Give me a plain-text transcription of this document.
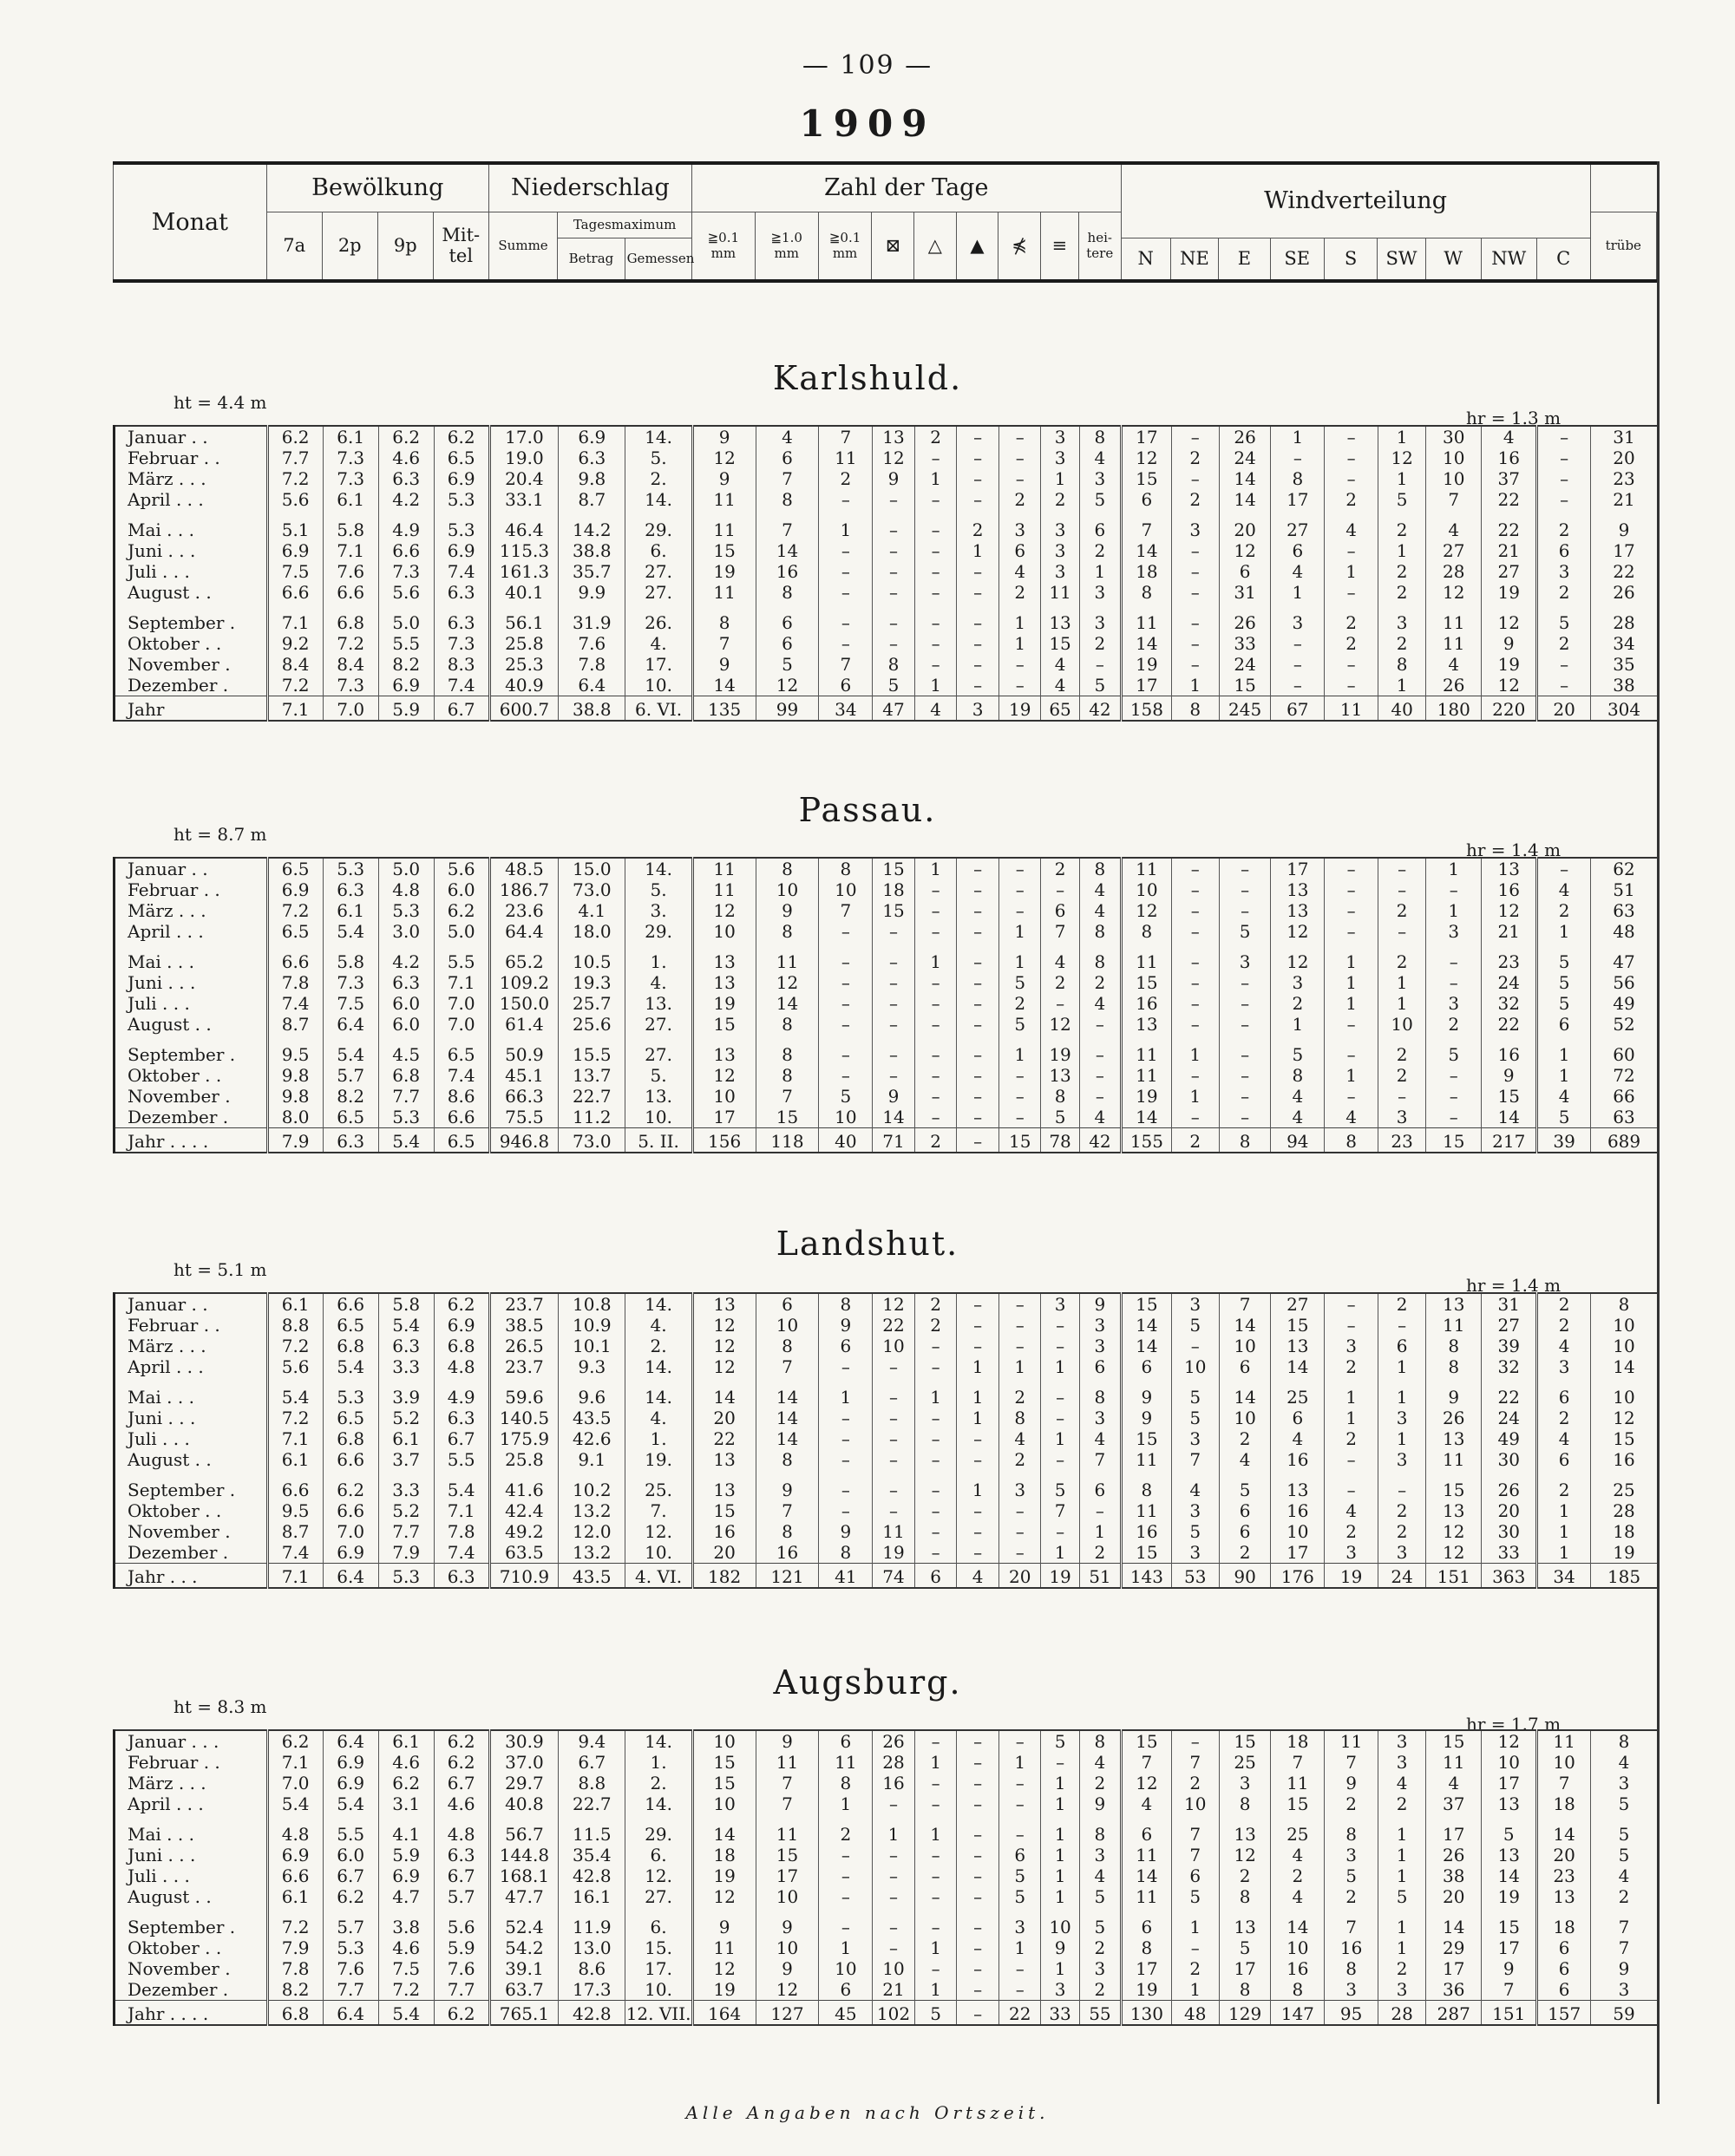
— 109 —
1909
Monat	Bewölkung				Niederschlag			Zahl der Tage									Windverteilung									
	7a	2p	9p	Mit-tel	Summe	Tagesmaximum		≧0.1 mm	≧1.0 mm	≧0.1 mm	⊠	△	▲	⋠	≡	hei-tere										trübe
						Betrag	Gemessen										N	NE	E	SE	S	SW	W	NW	C	
Karlshuld.
ht = 4.4 m
hr = 1.3 m
Januar . .	6.2	6.1	6.2	6.2	17.0	6.9	14.	9	4	7	13	2	–	–	3	8	17	–	26	1	–	1	30	4	–	31
Februar . .	7.7	7.3	4.6	6.5	19.0	6.3	5.	12	6	11	12	–	–	–	3	4	12	2	24	–	–	12	10	16	–	20
März . . .	7.2	7.3	6.3	6.9	20.4	9.8	2.	9	7	2	9	1	–	–	1	3	15	–	14	8	–	1	10	37	–	23
April . . .	5.6	6.1	4.2	5.3	33.1	8.7	14.	11	8	–	–	–	–	2	2	5	6	2	14	17	2	5	7	22	–	21
Mai . . .	5.1	5.8	4.9	5.3	46.4	14.2	29.	11	7	1	–	–	2	3	3	6	7	3	20	27	4	2	4	22	2	9
Juni . . .	6.9	7.1	6.6	6.9	115.3	38.8	6.	15	14	–	–	–	1	6	3	2	14	–	12	6	–	1	27	21	6	17
Juli . . .	7.5	7.6	7.3	7.4	161.3	35.7	27.	19	16	–	–	–	–	4	3	1	18	–	6	4	1	2	28	27	3	22
August . .	6.6	6.6	5.6	6.3	40.1	9.9	27.	11	8	–	–	–	–	2	11	3	8	–	31	1	–	2	12	19	2	26
September .	7.1	6.8	5.0	6.3	56.1	31.9	26.	8	6	–	–	–	–	1	13	3	11	–	26	3	2	3	11	12	5	28
Oktober . .	9.2	7.2	5.5	7.3	25.8	7.6	4.	7	6	–	–	–	–	1	15	2	14	–	33	–	2	2	11	9	2	34
November .	8.4	8.4	8.2	8.3	25.3	7.8	17.	9	5	7	8	–	–	–	4	–	19	–	24	–	–	8	4	19	–	35
Dezember .	7.2	7.3	6.9	7.4	40.9	6.4	10.	14	12	6	5	1	–	–	4	5	17	1	15	–	–	1	26	12	–	38
Jahr	7.1	7.0	5.9	6.7	600.7	38.8	6. VI.	135	99	34	47	4	3	19	65	42	158	8	245	67	11	40	180	220	20	304
Passau.
ht = 8.7 m
hr = 1.4 m
Januar . .	6.5	5.3	5.0	5.6	48.5	15.0	14.	11	8	8	15	1	–	–	2	8	11	–	–	17	–	–	1	13	–	62
Februar . .	6.9	6.3	4.8	6.0	186.7	73.0	5.	11	10	10	18	–	–	–	–	4	10	–	–	13	–	–	–	16	4	51
März . . .	7.2	6.1	5.3	6.2	23.6	4.1	3.	12	9	7	15	–	–	–	6	4	12	–	–	13	–	2	1	12	2	63
April . . .	6.5	5.4	3.0	5.0	64.4	18.0	29.	10	8	–	–	–	–	1	7	8	8	–	5	12	–	–	3	21	1	48
Mai . . .	6.6	5.8	4.2	5.5	65.2	10.5	1.	13	11	–	–	1	–	1	4	8	11	–	3	12	1	2	–	23	5	47
Juni . . .	7.8	7.3	6.3	7.1	109.2	19.3	4.	13	12	–	–	–	–	5	2	2	15	–	–	3	1	1	–	24	5	56
Juli . . .	7.4	7.5	6.0	7.0	150.0	25.7	13.	19	14	–	–	–	–	2	–	4	16	–	–	2	1	1	3	32	5	49
August . .	8.7	6.4	6.0	7.0	61.4	25.6	27.	15	8	–	–	–	–	5	12	–	13	–	–	1	–	10	2	22	6	52
September .	9.5	5.4	4.5	6.5	50.9	15.5	27.	13	8	–	–	–	–	1	19	–	11	1	–	5	–	2	5	16	1	60
Oktober . .	9.8	5.7	6.8	7.4	45.1	13.7	5.	12	8	–	–	–	–	–	13	–	11	–	–	8	1	2	–	9	1	72
November .	9.8	8.2	7.7	8.6	66.3	22.7	13.	10	7	5	9	–	–	–	8	–	19	1	–	4	–	–	–	15	4	66
Dezember .	8.0	6.5	5.3	6.6	75.5	11.2	10.	17	15	10	14	–	–	–	5	4	14	–	–	4	4	3	–	14	5	63
Jahr . . . .	7.9	6.3	5.4	6.5	946.8	73.0	5. II.	156	118	40	71	2	–	15	78	42	155	2	8	94	8	23	15	217	39	689
Landshut.
ht = 5.1 m
hr = 1.4 m
Januar . .	6.1	6.6	5.8	6.2	23.7	10.8	14.	13	6	8	12	2	–	–	3	9	15	3	7	27	–	2	13	31	2	8
Februar . .	8.8	6.5	5.4	6.9	38.5	10.9	4.	12	10	9	22	2	–	–	–	3	14	5	14	15	–	–	11	27	2	10
März . . .	7.2	6.8	6.3	6.8	26.5	10.1	2.	12	8	6	10	–	–	–	–	3	14	–	10	13	3	6	8	39	4	10
April . . .	5.6	5.4	3.3	4.8	23.7	9.3	14.	12	7	–	–	–	1	1	1	6	6	10	6	14	2	1	8	32	3	14
Mai . . .	5.4	5.3	3.9	4.9	59.6	9.6	14.	14	14	1	–	1	1	2	–	8	9	5	14	25	1	1	9	22	6	10
Juni . . .	7.2	6.5	5.2	6.3	140.5	43.5	4.	20	14	–	–	–	1	8	–	3	9	5	10	6	1	3	26	24	2	12
Juli . . .	7.1	6.8	6.1	6.7	175.9	42.6	1.	22	14	–	–	–	–	4	1	4	15	3	2	4	2	1	13	49	4	15
August . .	6.1	6.6	3.7	5.5	25.8	9.1	19.	13	8	–	–	–	–	2	–	7	11	7	4	16	–	3	11	30	6	16
September .	6.6	6.2	3.3	5.4	41.6	10.2	25.	13	9	–	–	–	1	3	5	6	8	4	5	13	–	–	15	26	2	25
Oktober . .	9.5	6.6	5.2	7.1	42.4	13.2	7.	15	7	–	–	–	–	–	7	–	11	3	6	16	4	2	13	20	1	28
November .	8.7	7.0	7.7	7.8	49.2	12.0	12.	16	8	9	11	–	–	–	–	1	16	5	6	10	2	2	12	30	1	18
Dezember .	7.4	6.9	7.9	7.4	63.5	13.2	10.	20	16	8	19	–	–	–	1	2	15	3	2	17	3	3	12	33	1	19
Jahr . . .	7.1	6.4	5.3	6.3	710.9	43.5	4. VI.	182	121	41	74	6	4	20	19	51	143	53	90	176	19	24	151	363	34	185
Augsburg.
ht = 8.3 m
hr = 1.7 m
Januar . . .	6.2	6.4	6.1	6.2	30.9	9.4	14.	10	9	6	26	–	–	–	5	8	15	–	15	18	11	3	15	12	11	8
Februar . .	7.1	6.9	4.6	6.2	37.0	6.7	1.	15	11	11	28	1	–	1	–	4	7	7	25	7	7	3	11	10	10	4
März . . .	7.0	6.9	6.2	6.7	29.7	8.8	2.	15	7	8	16	–	–	–	1	2	12	2	3	11	9	4	4	17	7	3
April . . .	5.4	5.4	3.1	4.6	40.8	22.7	14.	10	7	1	–	–	–	–	1	9	4	10	8	15	2	2	37	13	18	5
Mai . . .	4.8	5.5	4.1	4.8	56.7	11.5	29.	14	11	2	1	1	–	–	1	8	6	7	13	25	8	1	17	5	14	5
Juni . . .	6.9	6.0	5.9	6.3	144.8	35.4	6.	18	15	–	–	–	–	6	1	3	11	7	12	4	3	1	26	13	20	5
Juli . . .	6.6	6.7	6.9	6.7	168.1	42.8	12.	19	17	–	–	–	–	5	1	4	14	6	2	2	5	1	38	14	23	4
August . .	6.1	6.2	4.7	5.7	47.7	16.1	27.	12	10	–	–	–	–	5	1	5	11	5	8	4	2	5	20	19	13	2
September .	7.2	5.7	3.8	5.6	52.4	11.9	6.	9	9	–	–	–	–	3	10	5	6	1	13	14	7	1	14	15	18	7
Oktober . .	7.9	5.3	4.6	5.9	54.2	13.0	15.	11	10	1	–	1	–	1	9	2	8	–	5	10	16	1	29	17	6	7
November .	7.8	7.6	7.5	7.6	39.1	8.6	17.	12	9	10	10	–	–	–	1	3	17	2	17	16	8	2	17	9	6	9
Dezember .	8.2	7.7	7.2	7.7	63.7	17.3	10.	19	12	6	21	1	–	–	3	2	19	1	8	8	3	3	36	7	6	3
Jahr . . . .	6.8	6.4	5.4	6.2	765.1	42.8	12. VII.	164	127	45	102	5	–	22	33	55	130	48	129	147	95	28	287	151	157	59
Alle Angaben nach Ortszeit.
